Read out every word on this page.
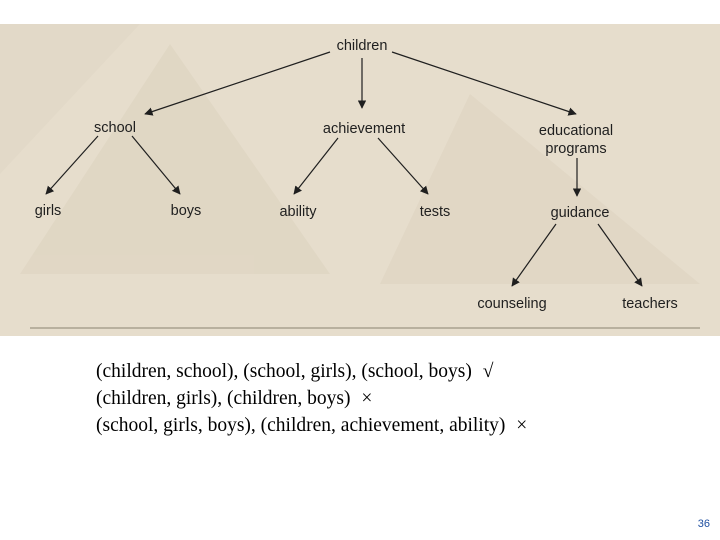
children
school	achievement	educational
programs
girls	boys	ability	tests	guidance
counseling	teachers
(children, school), (school, girls), (school, boys) √
(children, girls), (children, boys) ×
(school, girls, boys), (children, achievement, ability) ×
36
